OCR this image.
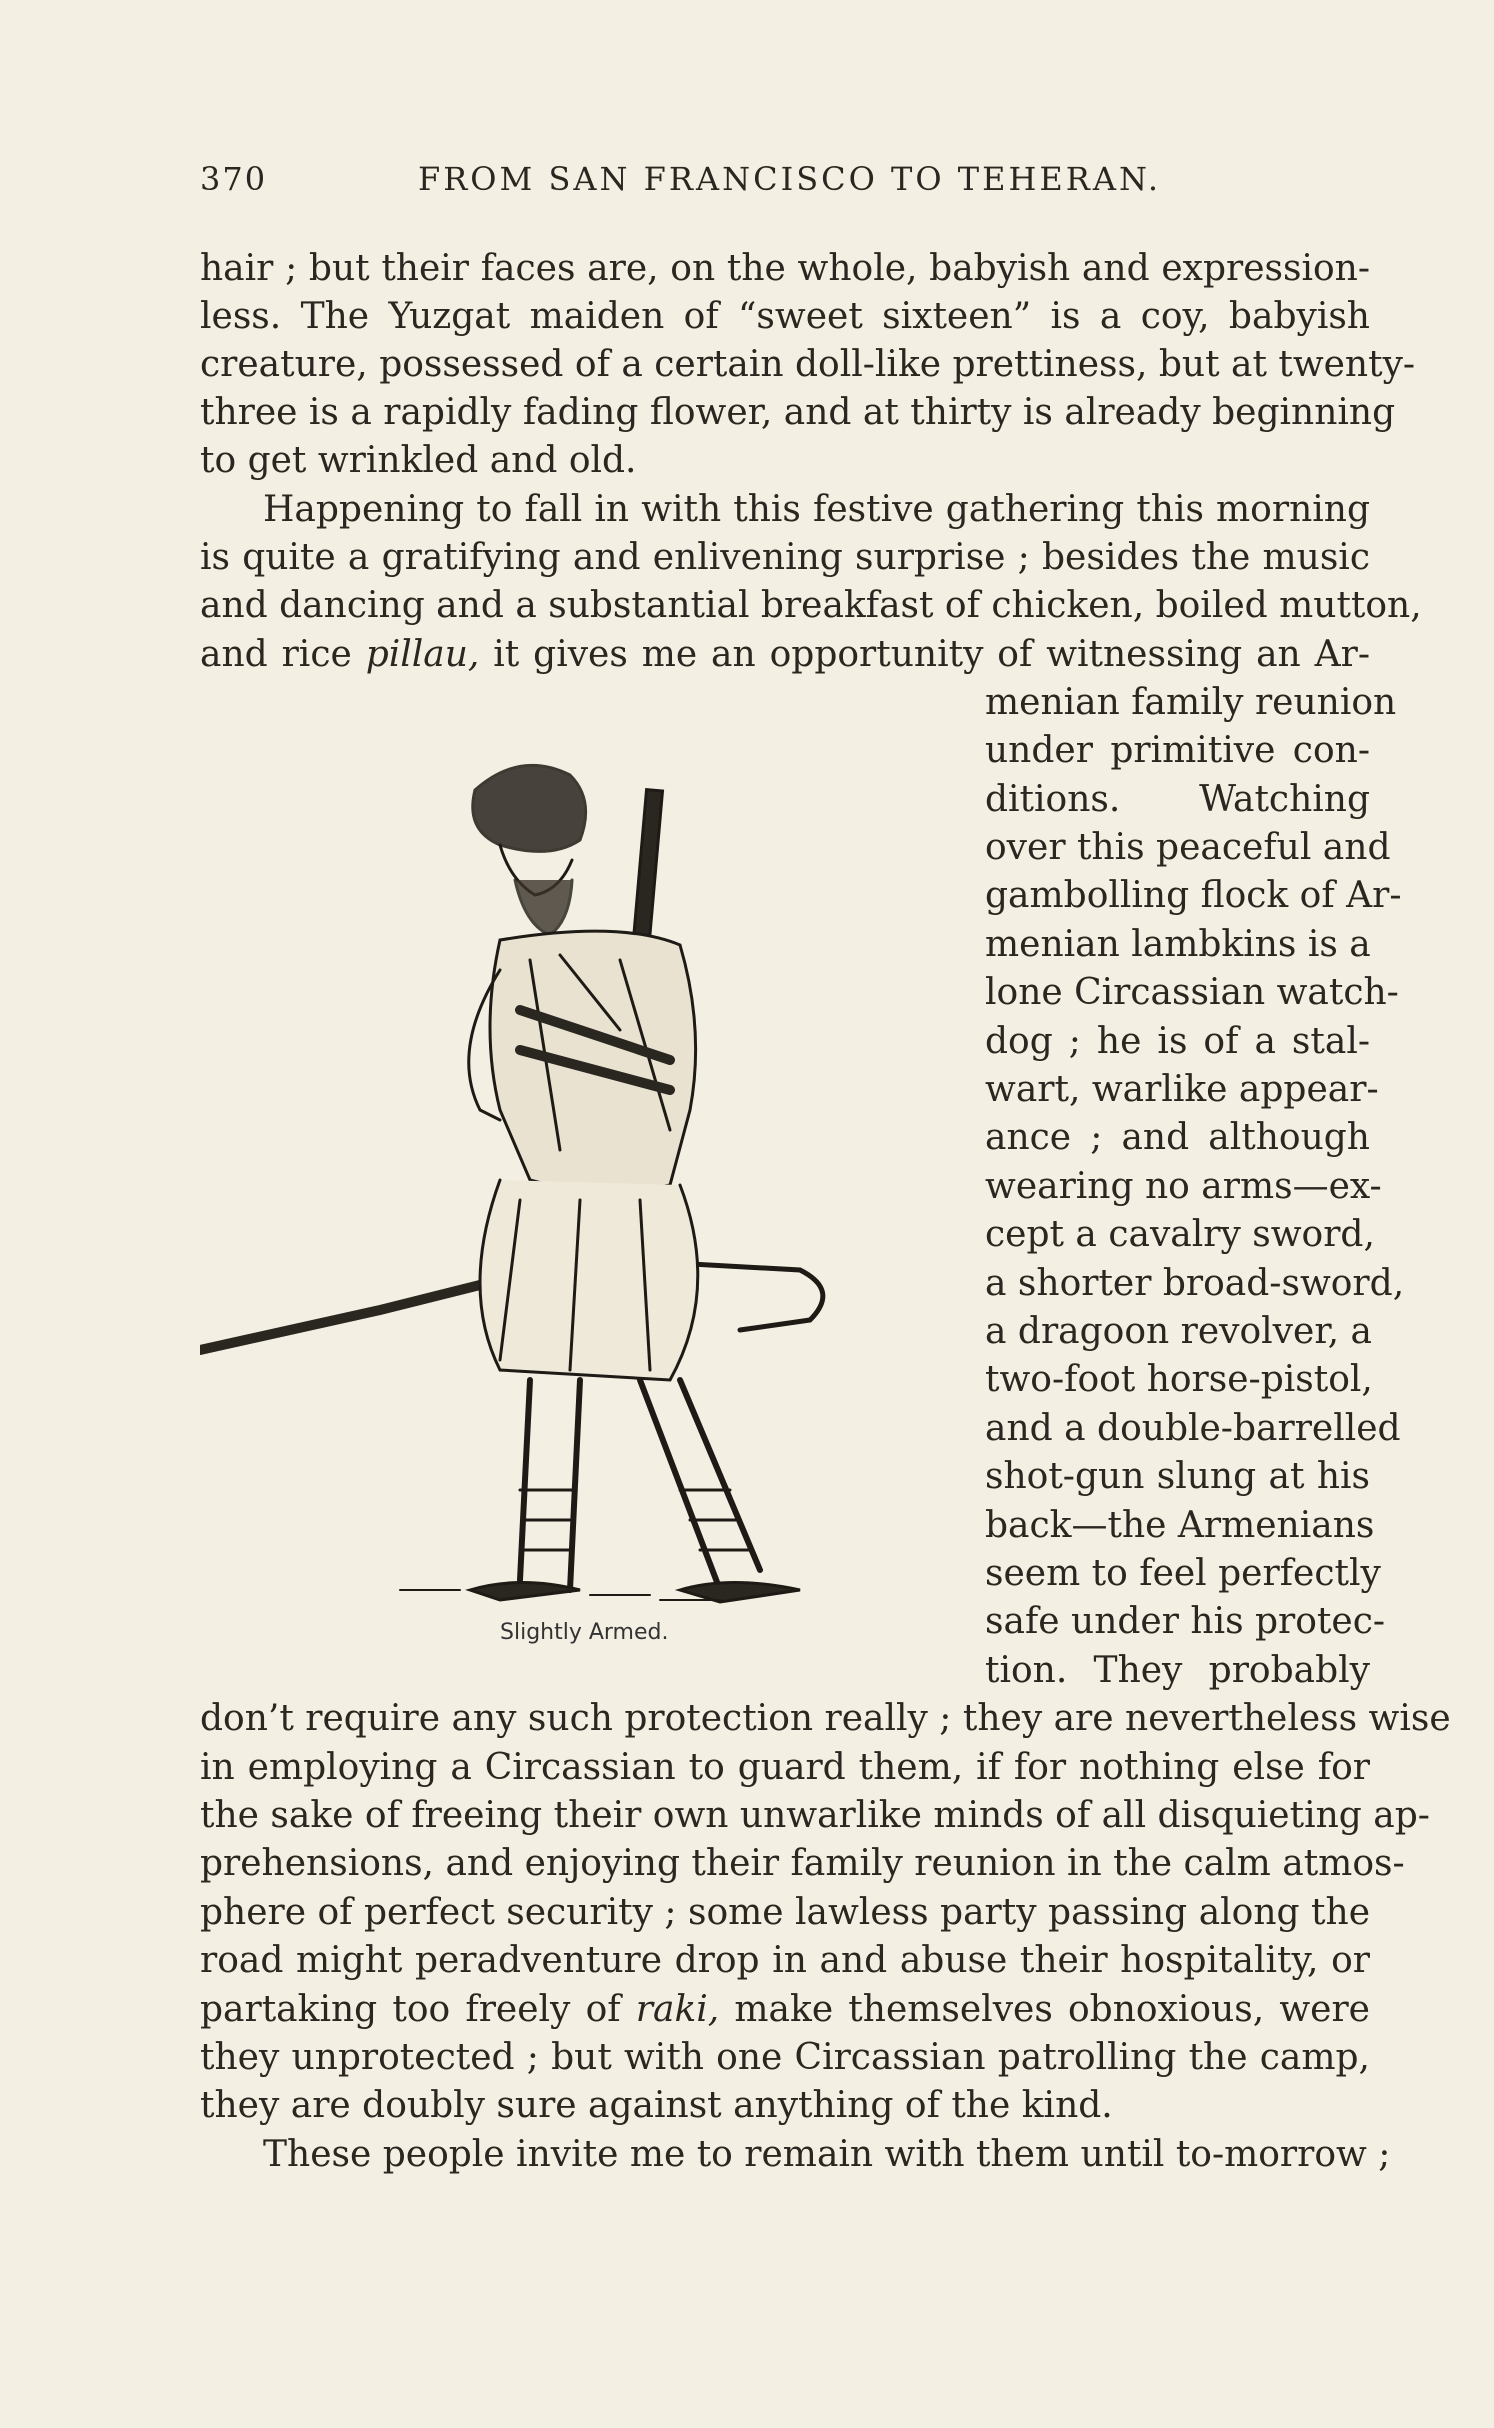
370	FROM SAN FRANCISCO TO TEHERAN.
hair ; but their faces are, on the whole, babyish and expression-
less. The Yuzgat maiden of “sweet sixteen” is a coy, babyish
creature, possessed of a certain doll-like prettiness, but at twenty-
three is a rapidly fading flower, and at thirty is already beginning
to get wrinkled and old.
Happening to fall in with this festive gathering this morning
is quite a gratifying and enlivening surprise ; besides the music
and dancing and a substantial breakfast of chicken, boiled mutton,
and rice pillau, it gives me an opportunity of witnessing an Ar-
menian family reunion
under primitive con-
ditions. Watching
over this peaceful and
gambolling flock of Ar-
menian lambkins is a
lone Circassian watch-
dog ; he is of a stal-
wart, warlike appear-
ance ; and although
wearing no arms—ex-
cept a cavalry sword,
a shorter broad-sword,
a dragoon revolver, a
two-foot horse-pistol,
and a double-barrelled
shot-gun slung at his
back—the Armenians
seem to feel perfectly
safe under his protec-
tion. They probably
don’t require any such protection really ; they are nevertheless wise
in employing a Circassian to guard them, if for nothing else for
the sake of freeing their own unwarlike minds of all disquieting ap-
prehensions, and enjoying their family reunion in the calm atmos-
phere of perfect security ; some lawless party passing along the
road might peradventure drop in and abuse their hospitality, or
partaking too freely of raki, make themselves obnoxious, were
they unprotected ; but with one Circassian patrolling the camp,
they are doubly sure against anything of the kind.
These people invite me to remain with them until to-morrow ;
Slightly Armed.
